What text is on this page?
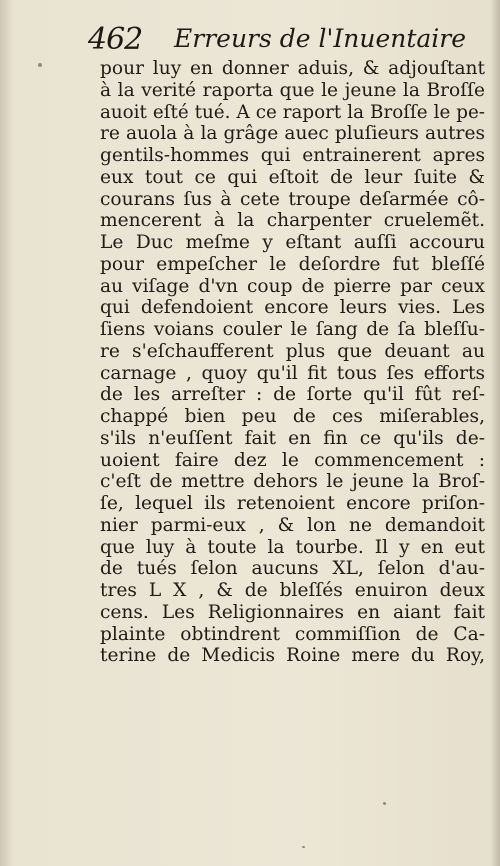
462 Erreurs de l'Inuentaire
pour luy en donner aduis, & adjouſtant
à la verité raporta que le jeune la Broſſe
auoit eſté tué. A ce raport la Broſſe le pe-
re auola à la grâge auec pluſieurs autres
gentils-hommes qui entrainerent apres
eux tout ce qui eſtoit de leur ſuite &
courans ſus à cete troupe deſarmée cô-
mencerent à la charpenter cruelemẽt.
Le Duc meſme y eſtant auſſi accouru
pour empeſcher le deſordre fut bleſſé
au viſage d'vn coup de pierre par ceux
qui defendoient encore leurs vies. Les
ſiens voians couler le ſang de ſa bleſſu-
re s'eſchaufferent plus que deuant au
carnage , quoy qu'il fit tous ſes efforts
de les arreſter : de ſorte qu'il fût reſ-
chappé bien peu de ces miſerables,
s'ils n'euſſent fait en fin ce qu'ils de-
uoient faire dez le commencement :
c'eſt de mettre dehors le jeune la Broſ-
ſe, lequel ils retenoient encore priſon-
nier parmi-eux , & lon ne demandoit
que luy à toute la tourbe. Il y en eut
de tués ſelon aucuns XL, ſelon d'au-
tres L X , & de bleſſés enuiron deux
cens. Les Religionnaires en aiant fait
plainte obtindrent commiſſion de Ca-
terine de Medicis Roine mere du Roy,
